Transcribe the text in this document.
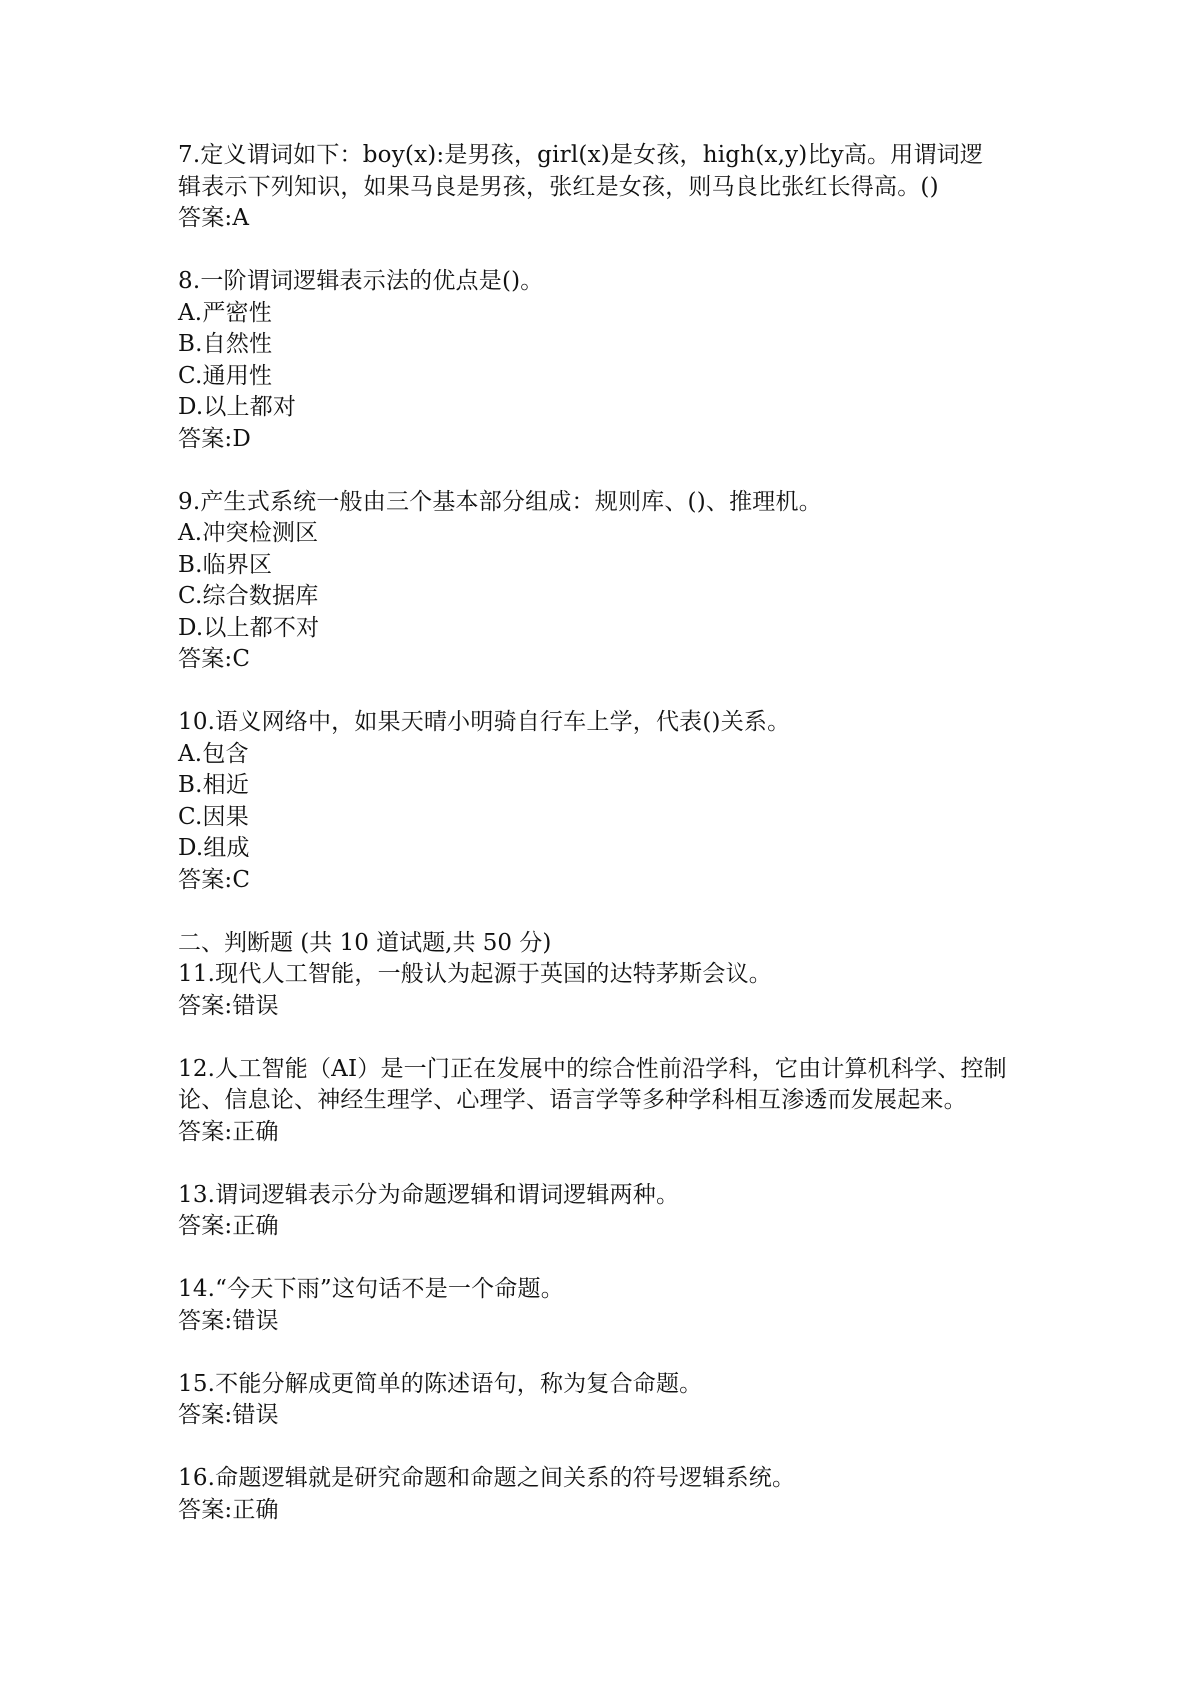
7.定义谓词如下：boy(x):是男孩，girl(x)是女孩，high(x,y)比y高。用谓词逻
辑表示下列知识，如果马良是男孩，张红是女孩，则马良比张红长得高。()
答案:A
8.一阶谓词逻辑表示法的优点是()。
A.严密性
B.自然性
C.通用性
D.以上都对
答案:D
9.产生式系统一般由三个基本部分组成：规则库、()、推理机。
A.冲突检测区
B.临界区
C.综合数据库
D.以上都不对
答案:C
10.语义网络中，如果天晴小明骑自行车上学，代表()关系。
A.包含
B.相近
C.因果
D.组成
答案:C
二、判断题 (共 10 道试题,共 50 分)
11.现代人工智能，一般认为起源于英国的达特茅斯会议。
答案:错误
12.人工智能（AI）是一门正在发展中的综合性前沿学科，它由计算机科学、控制
论、信息论、神经生理学、心理学、语言学等多种学科相互渗透而发展起来。
答案:正确
13.谓词逻辑表示分为命题逻辑和谓词逻辑两种。
答案:正确
14.“今天下雨”这句话不是一个命题。
答案:错误
15.不能分解成更简单的陈述语句，称为复合命题。
答案:错误
16.命题逻辑就是研究命题和命题之间关系的符号逻辑系统。
答案:正确
